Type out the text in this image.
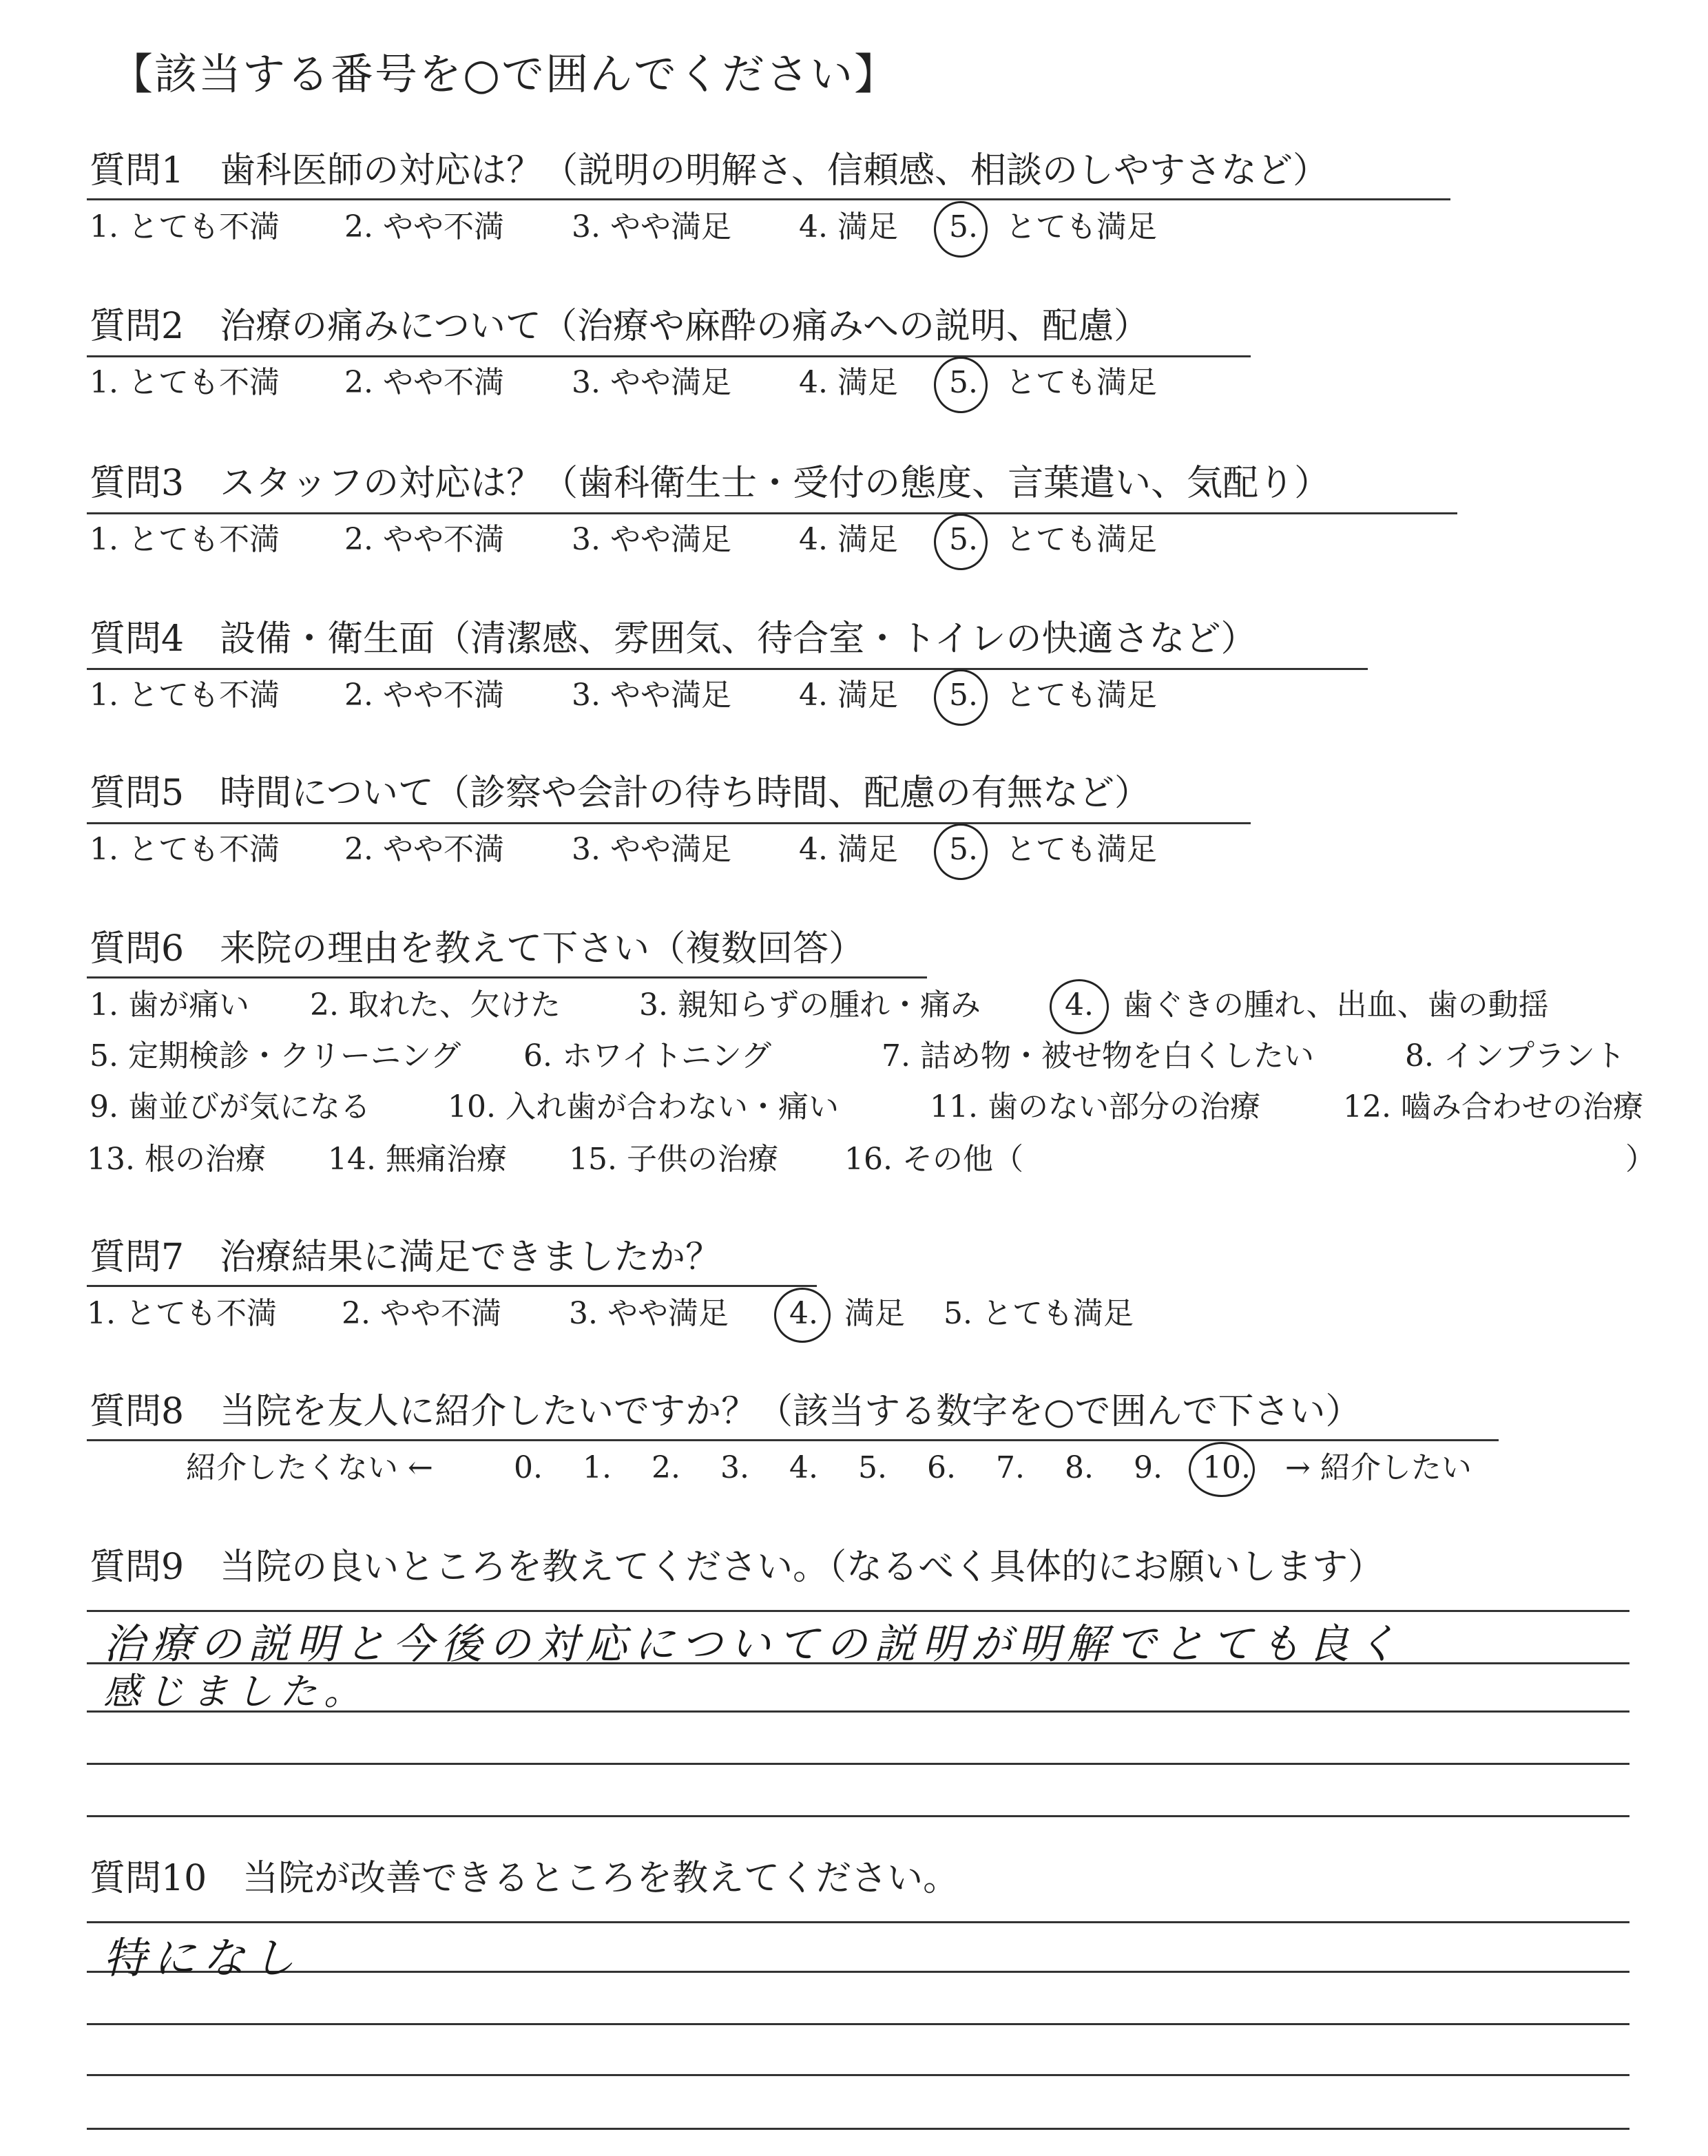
【該当する番号を○で囲んでください】
質問1　歯科医師の対応は？（説明の明解さ、信頼感、相談のしやすさなど）
1. とても不満 2. やや不満 3. やや満足 4. 満足 5. とても満足
質問2　治療の痛みについて（治療や麻酔の痛みへの説明、配慮）
1. とても不満 2. やや不満 3. やや満足 4. 満足 5. とても満足
質問3　スタッフの対応は？（歯科衛生士・受付の態度、言葉遣い、気配り）
1. とても不満 2. やや不満 3. やや満足 4. 満足 5. とても満足
質問4　設備・衛生面（清潔感、雰囲気、待合室・トイレの快適さなど）
1. とても不満 2. やや不満 3. やや満足 4. 満足 5. とても満足
質問5　時間について（診察や会計の待ち時間、配慮の有無など）
1. とても不満 2. やや不満 3. やや満足 4. 満足 5. とても満足
質問6　来院の理由を教えて下さい（複数回答）
1. 歯が痛い 2. 取れた、欠けた	3. 親知らずの腫れ・痛み	4. 歯ぐきの腫れ、出血、歯の動揺
5. 定期検診・クリーニング 6. ホワイトニング	7. 詰め物・被せ物を白くしたい	8. インプラント
9. 歯並びが気になる	10. 入れ歯が合わない・痛い	11. 歯のない部分の治療	12. 嚙み合わせの治療
13. 根の治療 14. 無痛治療 15. 子供の治療 16. その他（	）
質問7　治療結果に満足できましたか？
1. とても不満 2. やや不満 3. やや満足 4. 満足 5. とても満足
質問8　当院を友人に紹介したいですか？（該当する数字を○で囲んで下さい）
紹介したくない ←	0. 1. 2. 3. 4. 5. 6. 7. 8. 9. 10. → 紹介したい
質問9　当院の良いところを教えてください。（なるべく具体的にお願いします）
治療の説明と今後の対応についての説明が明解でとても良く
感じました。
質問10　当院が改善できるところを教えてください。
特になし
